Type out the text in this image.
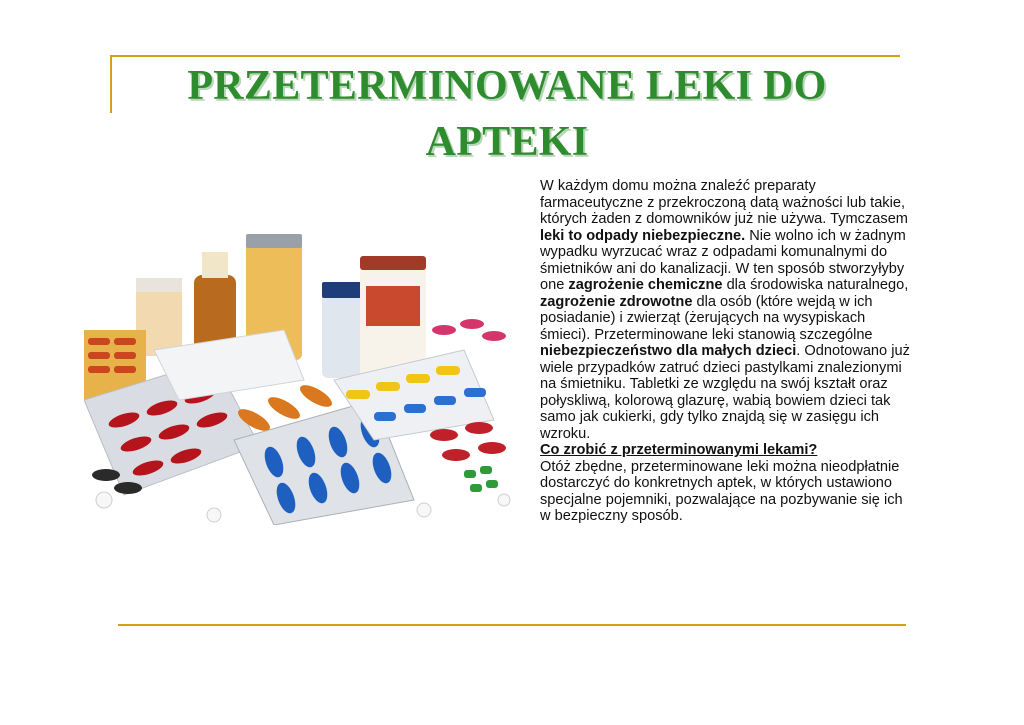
PRZETERMINOWANE LEKI DO
APTEKI

W każdym domu można znaleźć preparaty farmaceutyczne z przekroczoną datą ważności lub takie, których żaden z domowników już nie używa. Tymczasem leki to odpady niebezpieczne. Nie wolno ich w żadnym wypadku wyrzucać wraz z odpadami komunalnymi do śmietników ani do kanalizacji. W ten sposób stworzyłyby one zagrożenie chemiczne dla środowiska naturalnego, zagrożenie zdrowotne dla osób (które wejdą w ich posiadanie) i zwierząt (żerujących na wysypiskach śmieci). Przeterminowane leki stanowią szczególne niebezpieczeństwo dla małych dzieci. Odnotowano już wiele przypadków zatruć dzieci pastylkami znalezionymi na śmietniku. Tabletki ze względu na swój kształt oraz połyskliwą, kolorową glazurę, wabią bowiem dzieci tak samo jak cukierki, gdy tylko znajdą się w zasięgu ich wzroku.

Co zrobić z przeterminowanymi lekami?

Otóż zbędne, przeterminowane leki można nieodpłatnie dostarczyć do konkretnych aptek, w których ustawiono specjalne pojemniki, pozwalające na pozbywanie się ich w bezpieczny sposób.
